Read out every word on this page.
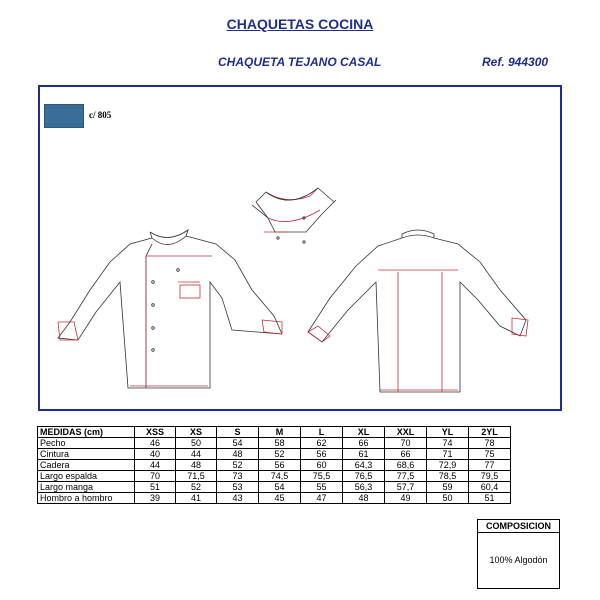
CHAQUETAS COCINA
CHAQUETA TEJANO CASAL	Ref. 944300
c/ 805
MEDIDAS (cm)	XSS	XS	S	M	L	XL	XXL	YL	2YL
Pecho	46	50	54	58	62	66	70	74	78
Cintura	40	44	48	52	56	61	66	71	75
Cadera	44	48	52	56	60	64,3	68,6	72,9	77
Largo espalda	70	71,5	73	74,5	75,5	76,5	77,5	78,5	79,5
Largo manga	51	52	53	54	55	56,3	57,7	59	60,4
Hombro a hombro	39	41	43	45	47	48	49	50	51
COMPOSICION
100% Algodón
